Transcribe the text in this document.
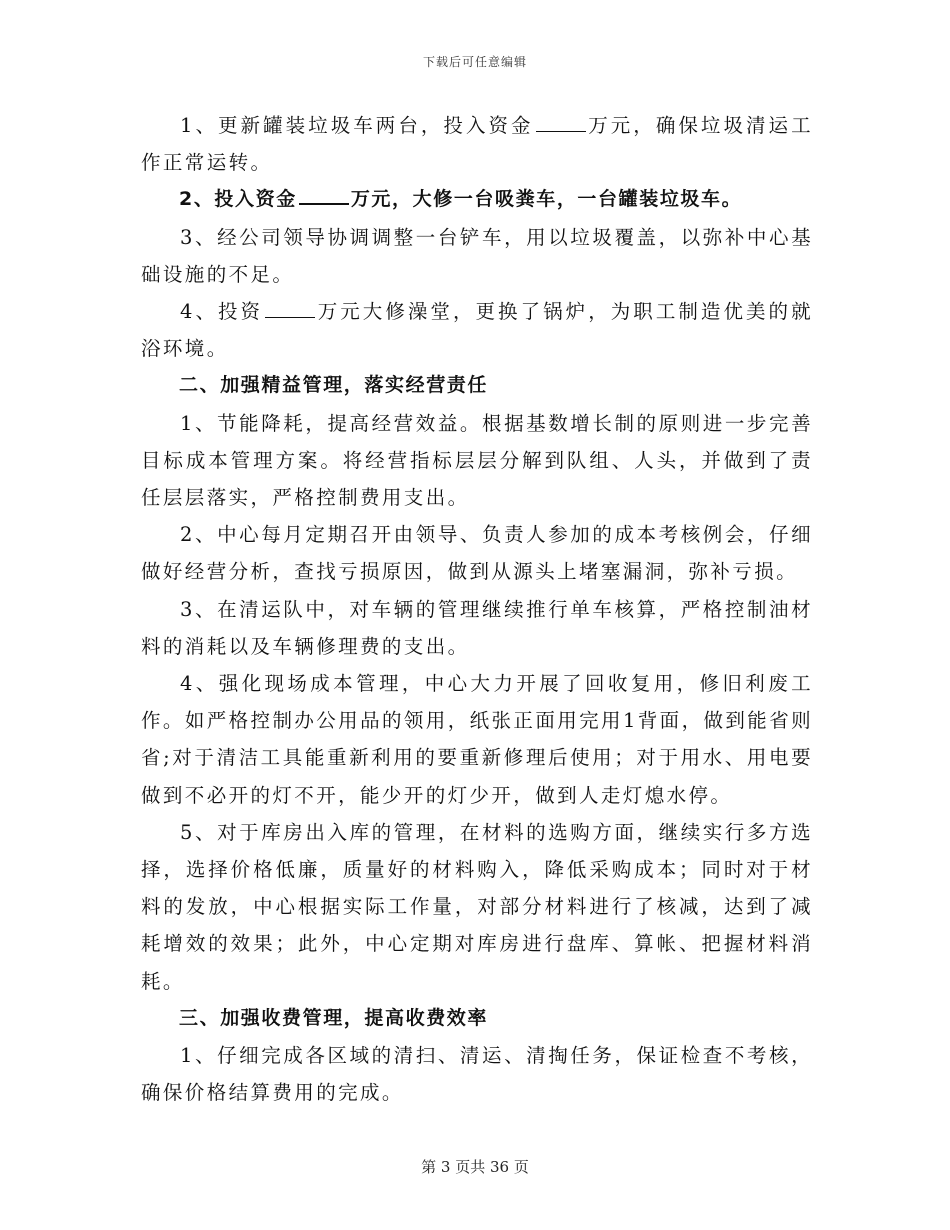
下载后可任意编辑

1、更新罐装垃圾车两台，投入资金	万元，确保垃圾清运工作正常运转。

2、投入资金	万元，大修一台吸粪车，一台罐装垃圾车。

3、经公司领导协调调整一台铲车，用以垃圾覆盖，以弥补中心基础设施的不足。

4、投资	万元大修澡堂，更换了锅炉，为职工制造优美的就浴环境。

二、加强精益管理，落实经营责任

1、节能降耗，提高经营效益。根据基数增长制的原则进一步完善目标成本管理方案。将经营指标层层分解到队组、人头，并做到了责任层层落实，严格控制费用支出。

2、中心每月定期召开由领导、负责人参加的成本考核例会，仔细做好经营分析，查找亏损原因，做到从源头上堵塞漏洞，弥补亏损。

3、在清运队中，对车辆的管理继续推行单车核算，严格控制油材料的消耗以及车辆修理费的支出。

4、强化现场成本管理，中心大力开展了回收复用，修旧利废工作。如严格控制办公用品的领用，纸张正面用完用1背面，做到能省则省;对于清洁工具能重新利用的要重新修理后使用；对于用水、用电要做到不必开的灯不开，能少开的灯少开，做到人走灯熄水停。

5、对于库房出入库的管理，在材料的选购方面，继续实行多方选择，选择价格低廉，质量好的材料购入，降低采购成本；同时对于材料的发放，中心根据实际工作量，对部分材料进行了核减，达到了减耗增效的效果；此外，中心定期对库房进行盘库、算帐、把握材料消耗。

三、加强收费管理，提高收费效率

1、仔细完成各区域的清扫、清运、清掏任务，保证检查不考核，确保价格结算费用的完成。

第 3 页共 36 页
